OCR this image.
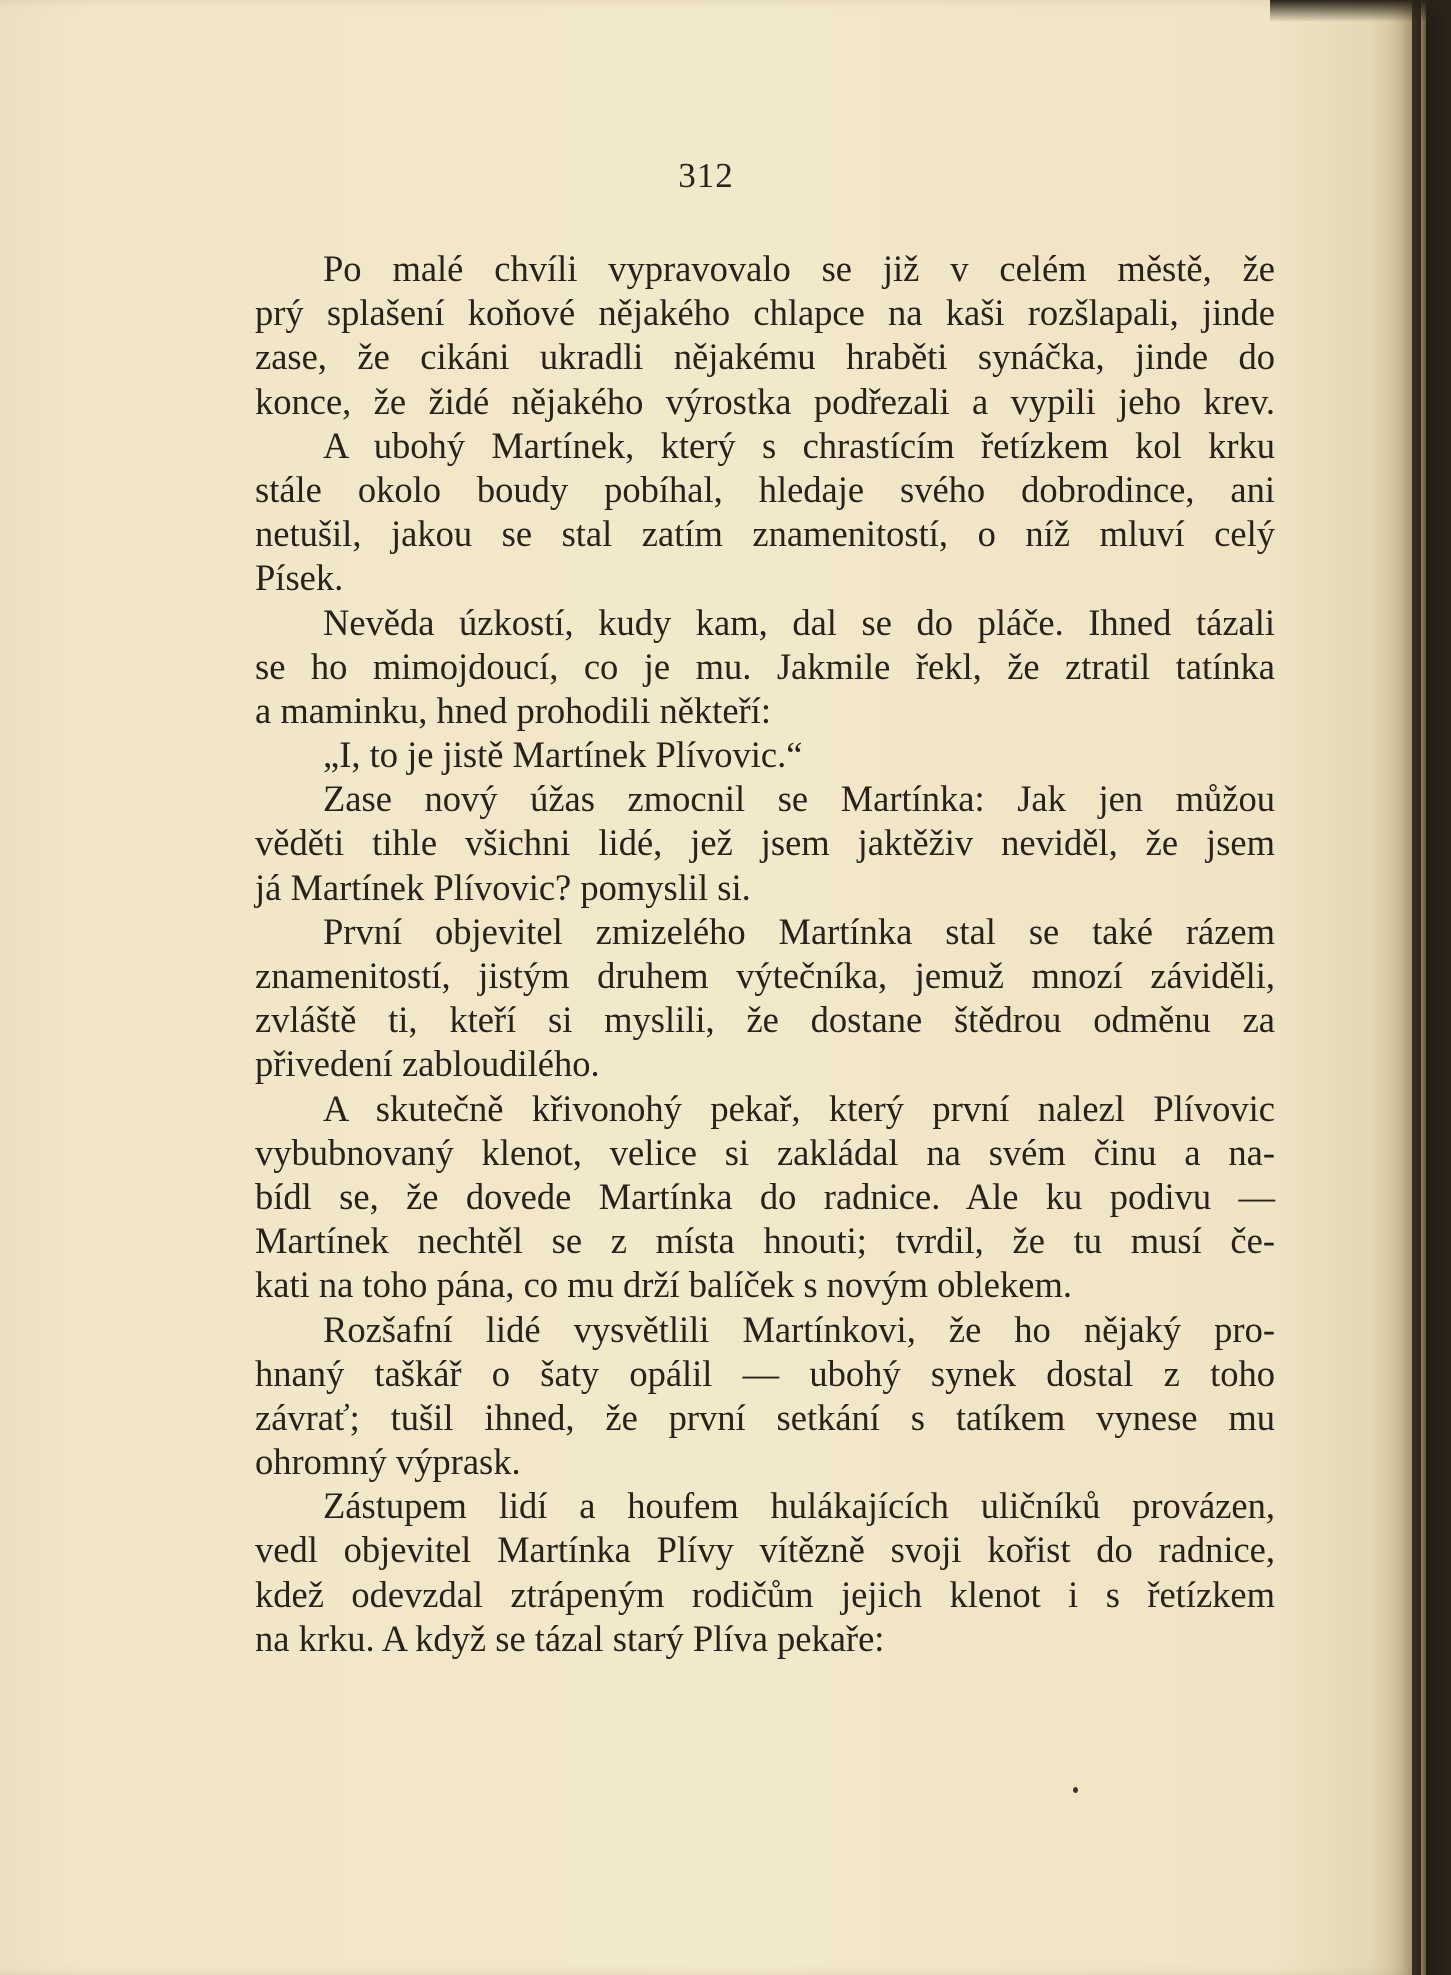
312
Po malé chvíli vypravovalo se již v celém městě, že
prý splašení koňové nějakého chlapce na kaši rozšlapali, jinde
zase, že cikáni ukradli nějakému hraběti synáčka, jinde do
konce, že židé nějakého výrostka podřezali a vypili jeho krev.
A ubohý Martínek, který s chrastícím řetízkem kol krku
stále okolo boudy pobíhal, hledaje svého dobrodince, ani
netušil, jakou se stal zatím znamenitostí, o níž mluví celý
Písek.
Nevěda úzkostí, kudy kam, dal se do pláče. Ihned tázali
se ho mimojdoucí, co je mu. Jakmile řekl, že ztratil tatínka
a maminku, hned prohodili někteří:
„I, to je jistě Martínek Plívovic.“
Zase nový úžas zmocnil se Martínka: Jak jen můžou
věděti tihle všichni lidé, jež jsem jaktěživ neviděl, že jsem
já Martínek Plívovic? pomyslil si.
První objevitel zmizelého Martínka stal se také rázem
znamenitostí, jistým druhem výtečníka, jemuž mnozí záviděli,
zvláště ti, kteří si myslili, že dostane štědrou odměnu za
přivedení zabloudilého.
A skutečně křivonohý pekař, který první nalezl Plívovic
vybubnovaný klenot, velice si zakládal na svém činu a na-
bídl se, že dovede Martínka do radnice. Ale ku podivu —
Martínek nechtěl se z místa hnouti; tvrdil, že tu musí če-
kati na toho pána, co mu drží balíček s novým oblekem.
Rozšafní lidé vysvětlili Martínkovi, že ho nějaký pro-
hnaný taškář o šaty opálil — ubohý synek dostal z toho
závrať; tušil ihned, že první setkání s tatíkem vynese mu
ohromný výprask.
Zástupem lidí a houfem hulákajících uličníků provázen,
vedl objevitel Martínka Plívy vítězně svoji kořist do radnice,
kdež odevzdal ztrápeným rodičům jejich klenot i s řetízkem
na krku. A když se tázal starý Plíva pekaře:
